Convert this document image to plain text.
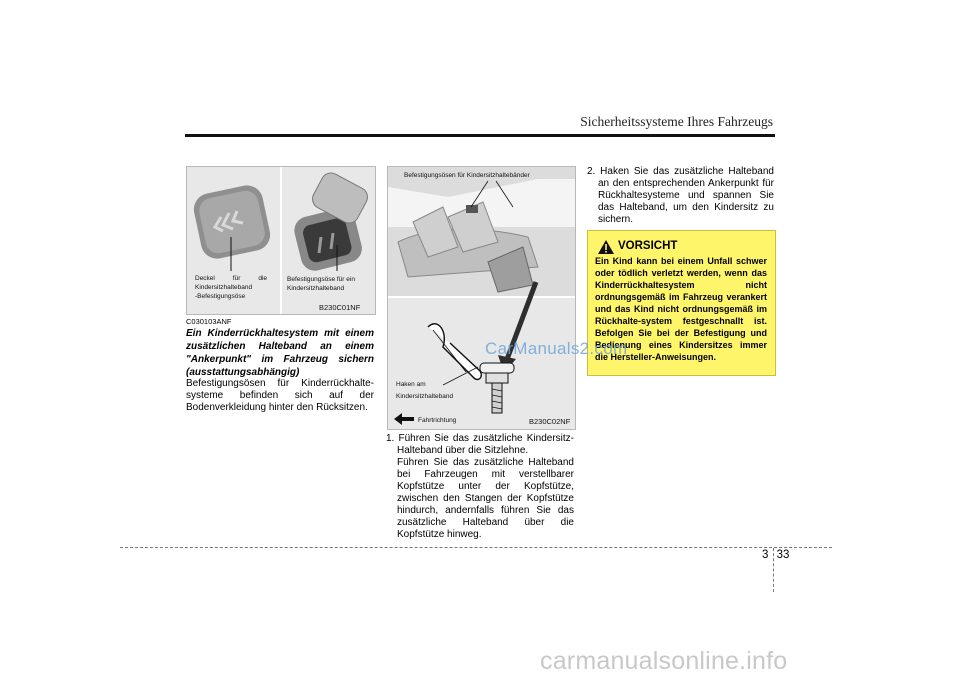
Sicherheitssysteme Ihres Fahrzeugs
Deckel für die
Kindersitzhalteband
-Befestigungsöse
Befestigungsöse für ein
Kindersitzhalteband
B230C01NF
C030103ANF
Ein Kinderrückhaltesystem mit einem zusätzlichen Halteband an einem "Ankerpunkt" im Fahrzeug sichern (ausstattungsabhängig)
Befestigungsösen für Kinderrückhalte-systeme befinden sich auf der Bodenverkleidung hinter den Rücksitzen.
Befestigungsösen für Kindersitzhaltebänder
Haken am
Kindersitzhalteband
Fahrtrichtung	B230C02NF
1. Führen Sie das zusätzliche Kindersitz-Halteband über die Sitzlehne.
Führen Sie das zusätzliche Halteband bei Fahrzeugen mit verstellbarer Kopfstütze unter der Kopfstütze, zwischen den Stangen der Kopfstütze hindurch, andernfalls führen Sie das zusätzliche Halteband über die Kopfstütze hinweg.
2. Haken Sie das zusätzliche Halteband an den entsprechenden Ankerpunkt für Rückhaltesysteme und spannen Sie das Halteband, um den Kindersitz zu sichern.
VORSICHT
Ein Kind kann bei einem Unfall schwer oder tödlich verletzt werden, wenn das Kinderrückhaltesystem nicht ordnungsgemäß im Fahrzeug verankert und das Kind nicht ordnungsgemäß im Rückhalte-system festgeschnallt ist. Befolgen Sie bei der Befestigung und Bedienung eines Kindersitzes immer die Hersteller-Anweisungen.
CarManuals2.com
3 33
carmanualsonline.info
